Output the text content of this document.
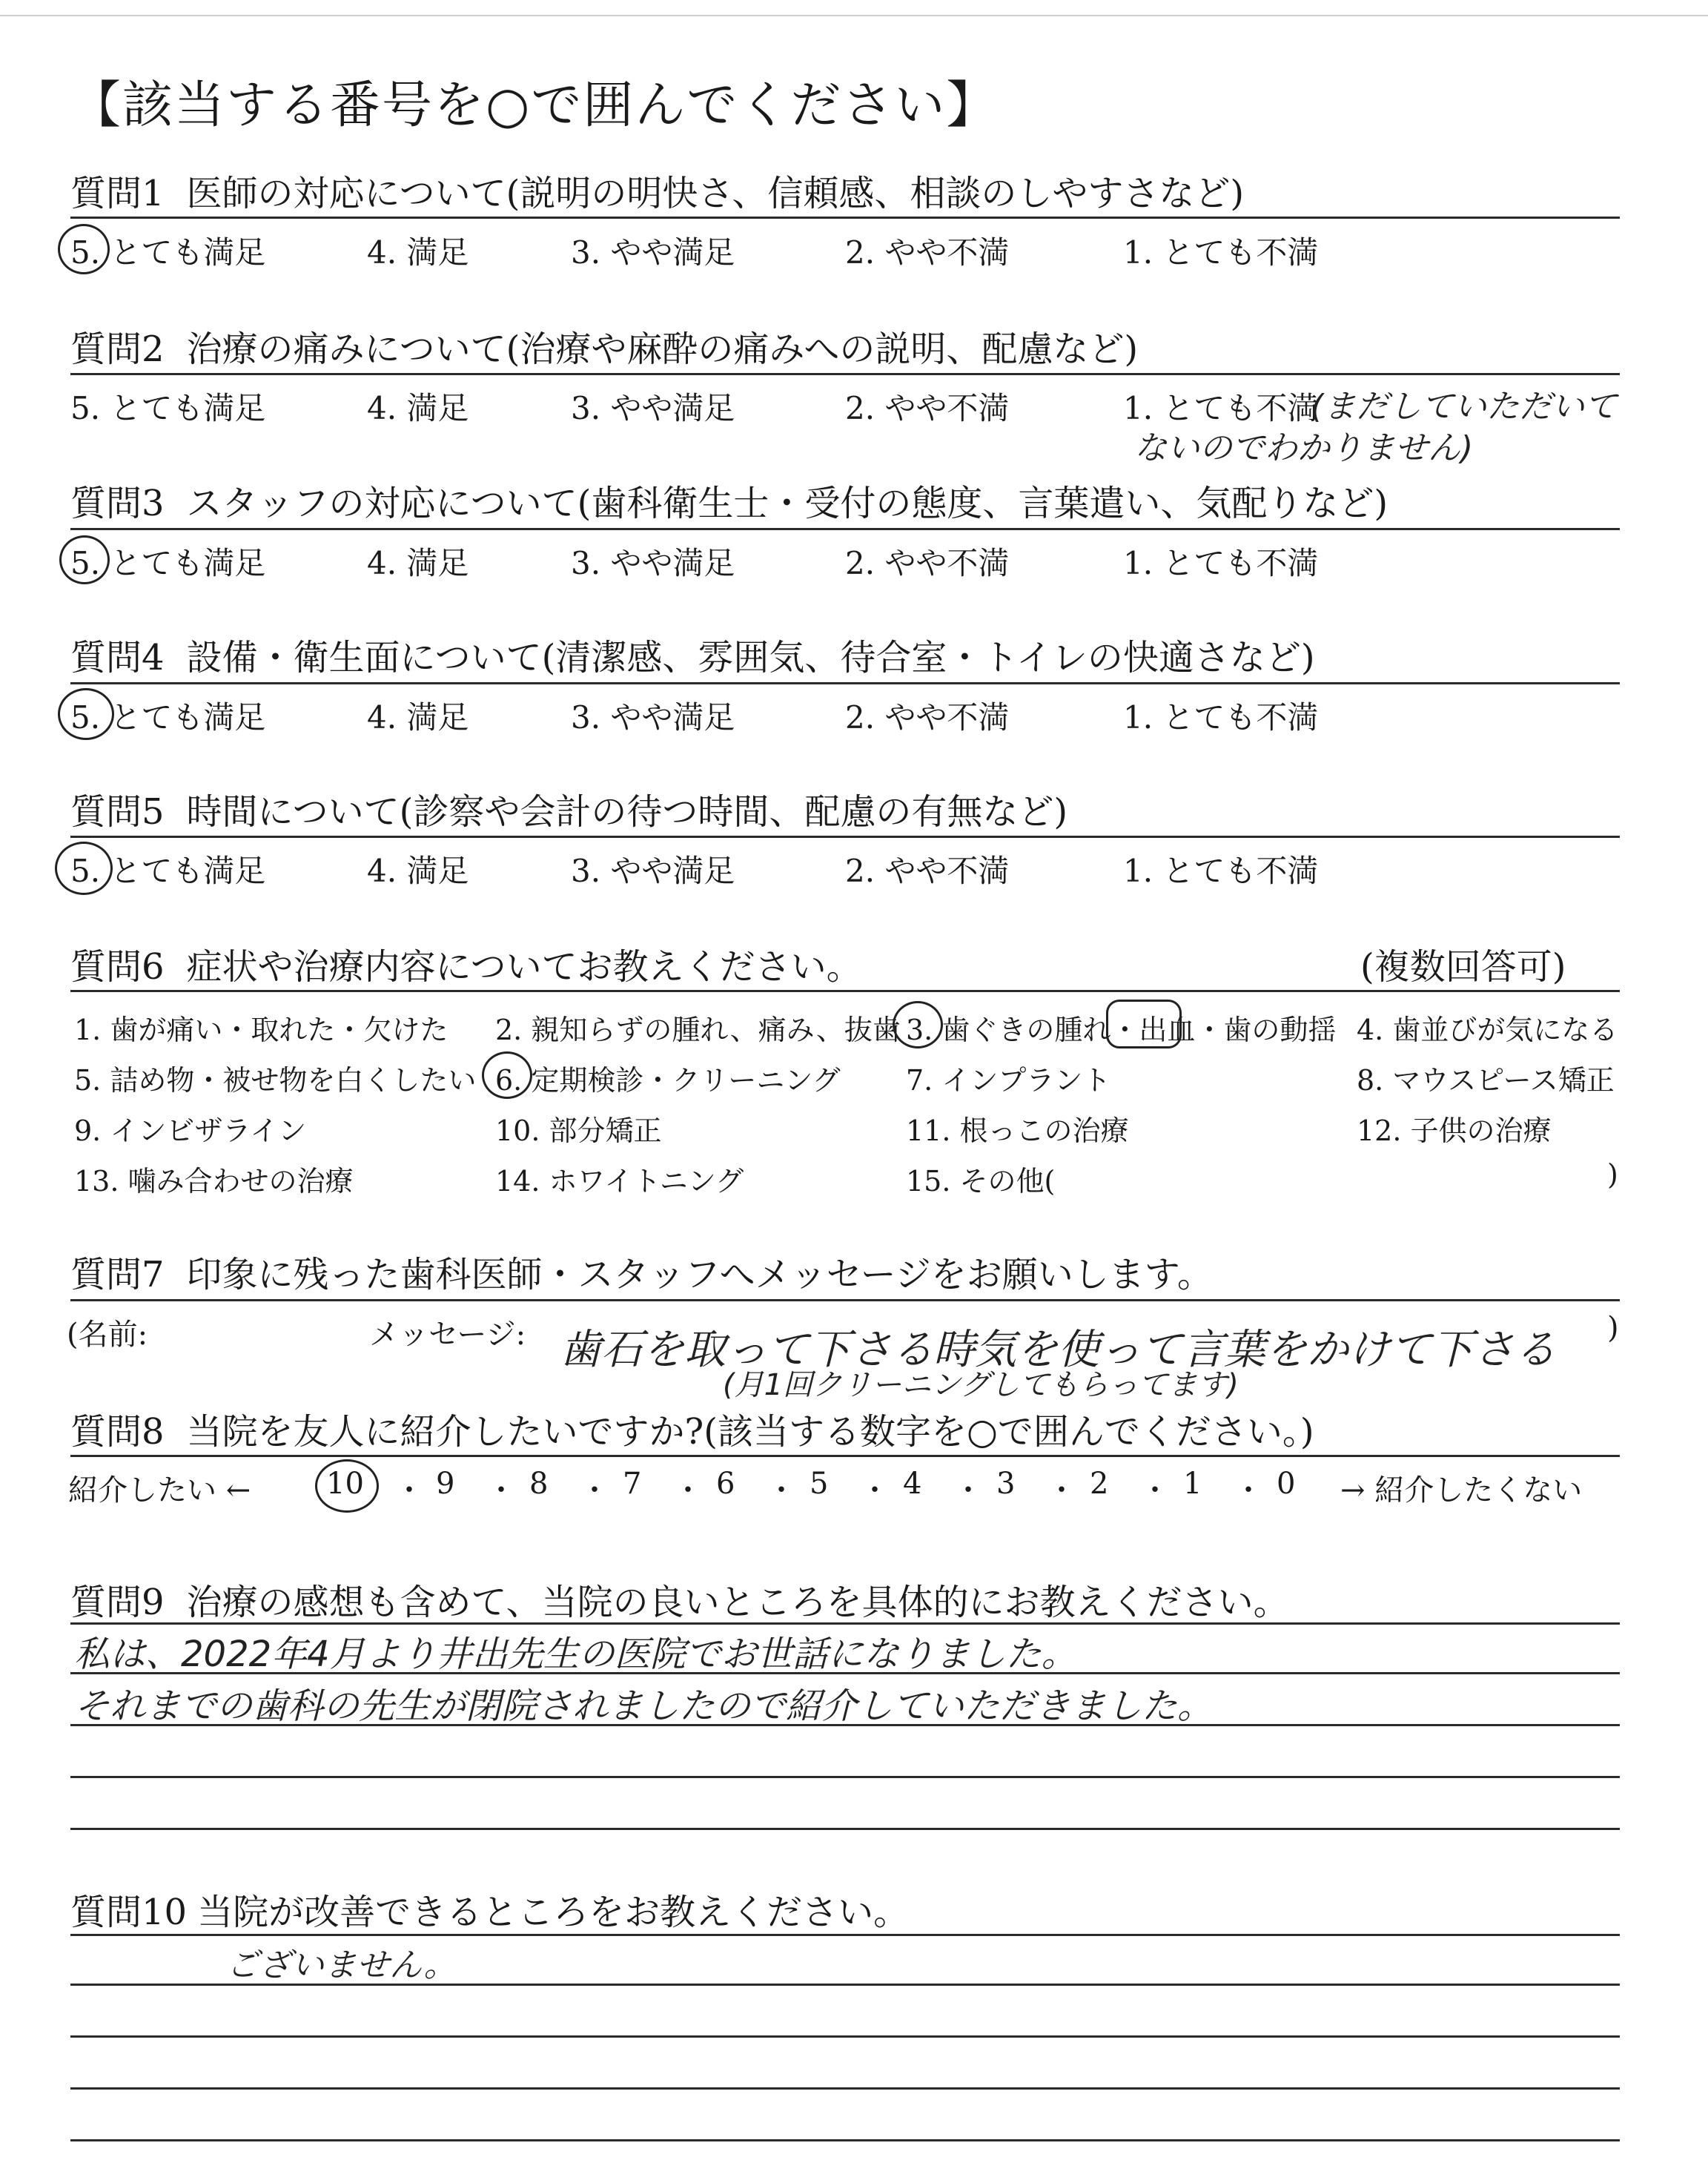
【該当する番号を○で囲んでください】
質問1 医師の対応について(説明の明快さ、信頼感、相談のしやすさなど)
5. とても満足	4. 満足	3. やや満足	2. やや不満	1. とても不満
質問2 治療の痛みについて(治療や麻酔の痛みへの説明、配慮など)
5. とても満足	4. 満足	3. やや満足	2. やや不満	1. とても不満
(まだしていただいて
ないのでわかりません)
質問3 スタッフの対応について(歯科衛生士・受付の態度、言葉遣い、気配りなど)
5. とても満足	4. 満足	3. やや満足	2. やや不満	1. とても不満
質問4 設備・衛生面について(清潔感、雰囲気、待合室・トイレの快適さなど)
5. とても満足	4. 満足	3. やや満足	2. やや不満	1. とても不満
質問5 時間について(診察や会計の待つ時間、配慮の有無など)
5. とても満足	4. 満足	3. やや満足	2. やや不満	1. とても不満
質問6 症状や治療内容についてお教えください。	(複数回答可)
1. 歯が痛い・取れた・欠けた 2. 親知らずの腫れ、痛み、抜歯 3. 歯ぐきの腫れ・出血・歯の動揺 4. 歯並びが気になる
5. 詰め物・被せ物を白くしたい 6. 定期検診・クリーニング 7. インプラント	8. マウスピース矯正
9. インビザライン	10. 部分矯正	11. 根っこの治療	12. 子供の治療
13. 噛み合わせの治療	14. ホワイトニング	15. その他(	)
質問7 印象に残った歯科医師・スタッフへメッセージをお願いします。
(名前:	メッセージ:	)
歯石を取って下さる時気を使って言葉をかけて下さる
(月1回クリーニングしてもらってます)
質問8 当院を友人に紹介したいですか?(該当する数字を○で囲んでください。)
紹介したい ←	→ 紹介したくない
10 ・ 9 ・ 8 ・ 7 ・ 6 ・ 5 ・ 4 ・ 3 ・ 2 ・ 1 ・ 0
質問9 治療の感想も含めて、当院の良いところを具体的にお教えください。
私は、2022年4月より井出先生の医院でお世話になりました。
それまでの歯科の先生が閉院されましたので紹介していただきました。
質問10 当院が改善できるところをお教えください。
ございません。
